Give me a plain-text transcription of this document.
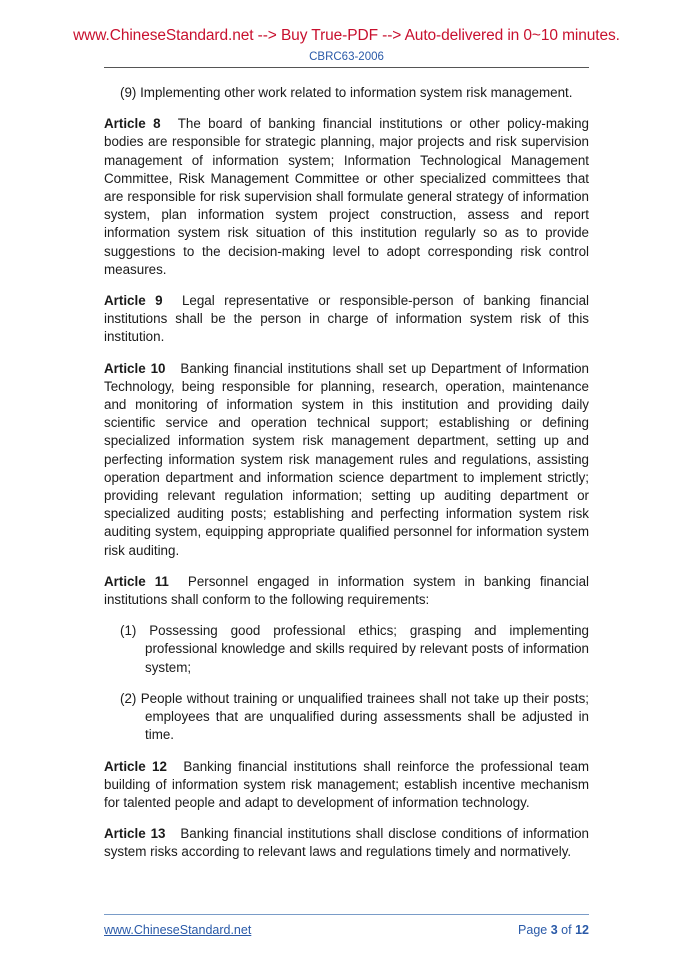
www.ChineseStandard.net --> Buy True-PDF --> Auto-delivered in 0~10 minutes.
CBRC63-2006

(9) Implementing other work related to information system risk management.

Article 8 The board of banking financial institutions or other policy-making bodies are responsible for strategic planning, major projects and risk supervision management of information system; Information Technological Management Committee, Risk Management Committee or other specialized committees that are responsible for risk supervision shall formulate general strategy of information system, plan information system project construction, assess and report information system risk situation of this institution regularly so as to provide suggestions to the decision-making level to adopt corresponding risk control measures.

Article 9 Legal representative or responsible-person of banking financial institutions shall be the person in charge of information system risk of this institution.

Article 10 Banking financial institutions shall set up Department of Information Technology, being responsible for planning, research, operation, maintenance and monitoring of information system in this institution and providing daily scientific service and operation technical support; establishing or defining specialized information system risk management department, setting up and perfecting information system risk management rules and regulations, assisting operation department and information science department to implement strictly; providing relevant regulation information; setting up auditing department or specialized auditing posts; establishing and perfecting information system risk auditing system, equipping appropriate qualified personnel for information system risk auditing.

Article 11 Personnel engaged in information system in banking financial institutions shall conform to the following requirements:

(1) Possessing good professional ethics; grasping and implementing professional knowledge and skills required by relevant posts of information system;

(2) People without training or unqualified trainees shall not take up their posts; employees that are unqualified during assessments shall be adjusted in time.

Article 12 Banking financial institutions shall reinforce the professional team building of information system risk management; establish incentive mechanism for talented people and adapt to development of information technology.

Article 13 Banking financial institutions shall disclose conditions of information system risks according to relevant laws and regulations timely and normatively.

www.ChineseStandard.net	Page 3 of 12
